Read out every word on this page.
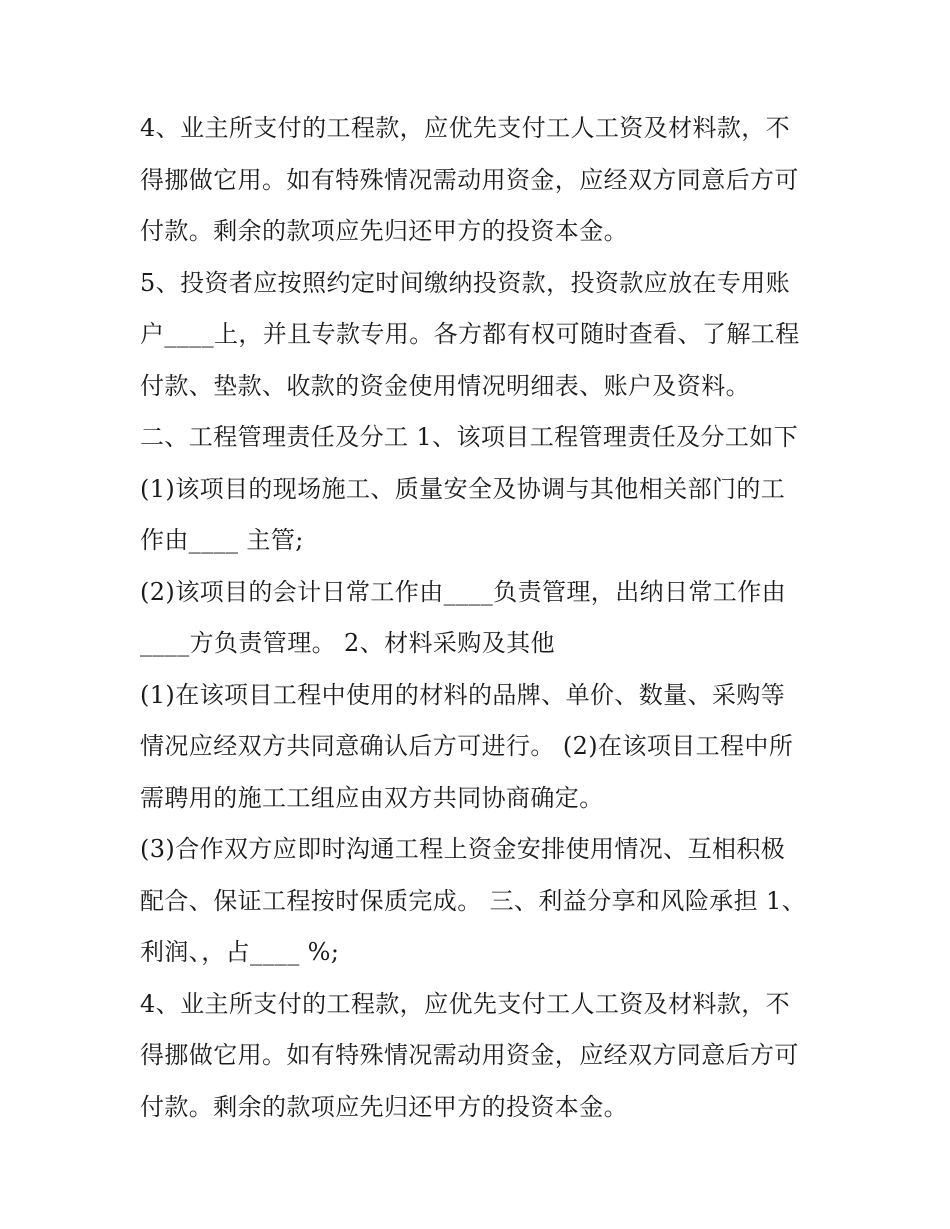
4、业主所支付的工程款，应优先支付工人工资及材料款，不
得挪做它用。如有特殊情况需动用资金，应经双方同意后方可
付款。剩余的款项应先归还甲方的投资本金。
5、投资者应按照约定时间缴纳投资款，投资款应放在专用账
户____上，并且专款专用。各方都有权可随时查看、了解工程
付款、垫款、收款的资金使用情况明细表、账户及资料。
二、工程管理责任及分工 1、该项目工程管理责任及分工如下
(1)该项目的现场施工、质量安全及协调与其他相关部门的工
作由____ 主管;
(2)该项目的会计日常工作由____负责管理，出纳日常工作由
____方负责管理。 2、材料采购及其他
(1)在该项目工程中使用的材料的品牌、单价、数量、采购等
情况应经双方共同意确认后方可进行。 (2)在该项目工程中所
需聘用的施工工组应由双方共同协商确定。
(3)合作双方应即时沟通工程上资金安排使用情况、互相积极
配合、保证工程按时保质完成。 三、利益分享和风险承担 1、
利润、，占____ %;
4、业主所支付的工程款，应优先支付工人工资及材料款，不
得挪做它用。如有特殊情况需动用资金，应经双方同意后方可
付款。剩余的款项应先归还甲方的投资本金。
